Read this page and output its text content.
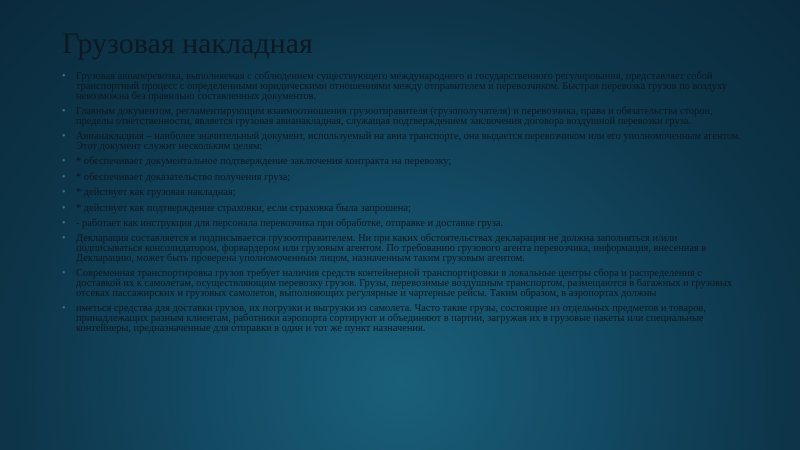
Грузовая накладная
• Грузовая авиаперевозка, выполняемая с соблюдением существующего международного и государственного регулирования, представляет собой транспортный процесс с определенными юридическими отношениями между отправителем и перевозчиком. Быстрая перевозка грузов по воздуху невозможна без правильно составленных документов.
• Главным документом, регламентирующим взаимоотношения грузоотправителя (грузополучателя) и перевозчика, права и обязательства сторон, пределы ответственности, является грузовая авианакладная, служащая подтверждением заключения договора воздушной перевозки груза.
• Авианакладная – наиболее значительный документ, используемый на авиа транспорте, она выдается перевозчиком или его уполномоченным агентом. Этот документ служит нескольким целям:
• * обеспечивает документальное подтверждение заключения контракта на перевозку;
• * обеспечивает доказательство получения груза;
• * действует как грузовая накладная;
• * действует как подтверждение страховки, если страховка была запрошена;
• - работает как инструкция для персонала перевозчика при обработке, отправке и доставке груза.
• Декларация составляется и подписывается грузоотправителем. Ни при каких обстоятельствах декларация не должна заполняться и/или подписываться консолидатором, форвардером или грузовым агентом. По требованию грузового агента перевозчика, информация, внесенная в Декларацию, может быть проверена уполномоченным лицом, назначенным таким грузовым агентом.
• Современная транспортировка грузов требует наличия средств контейнерной транспортировки в локальные центры сбора и распределения с доставкой их к самолетам, осуществляющим перевозку грузов. Грузы, перевозимые воздушным транспортом, размещаются в багажных и грузовых отсеках пассажирских и грузовых самолетов, выполняющих регулярные и чартерные рейсы. Таким образом, в аэропортах должны
• иметься средства для доставки грузов, их погрузки и выгрузки из самолета. Часто такие грузы, состоящие из отдельных предметов и товаров, принадлежащих разным клиентам, работники аэропорта сортируют и объединяют в партии, загружая их в грузовые пакеты или специальные контейнеры, предназначенные для отправки в один и тот же пункт назначения.
